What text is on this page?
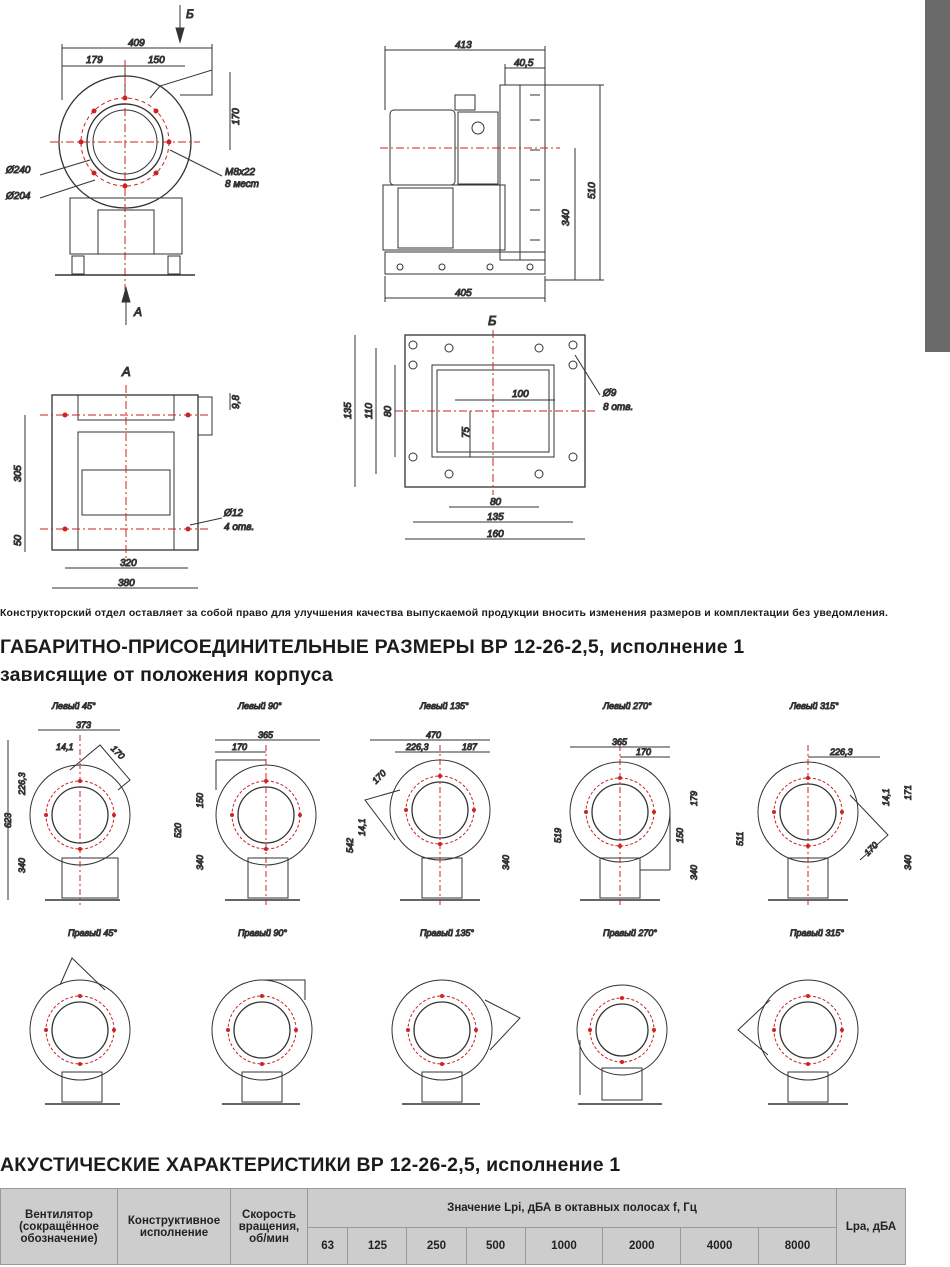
Б
409
179	150
170
Ø240
Ø204
M8x22
8 мест
А
413
40,5
510
340
405
А
9,8
305
50
320
380
Ø12
4 отв.
Б
135 110 80
100
75
Ø9
8 отв.
80
135
160
Конструкторский отдел оставляет за собой право для улучшения качества выпускаемой продукции вносить изменения размеров и комплектации без уведомления.
ГАБАРИТНО-ПРИСОЕДИНИТЕЛЬНЫЕ РАЗМЕРЫ ВР 12-26-2,5, исполнение 1
зависящие от положения корпуса
Левый 45°	Левый 90°	Левый 135°	Левый 270°	Левый 315°
Правый 45°	Правый 90°	Правый 135°	Правый 270°	Правый 315°
373
14,1	170
226,3
623
340
365
170
150
520
340
470
226,3	187
170
14,1
542
340
365
170
179
150
519
340
226,3
14,1 171
170
511
340
АКУСТИЧЕСКИЕ ХАРАКТЕРИСТИКИ ВР 12-26-2,5, исполнение 1
Вентилятор (сокращённое обозначение)	Конструктивное исполнение	Скорость вращения, об/мин	Значение Lpi, дБА в октавных полосах f, Гц								Lpa, дБА
			63	125	250	500	1000	2000	4000	8000	
